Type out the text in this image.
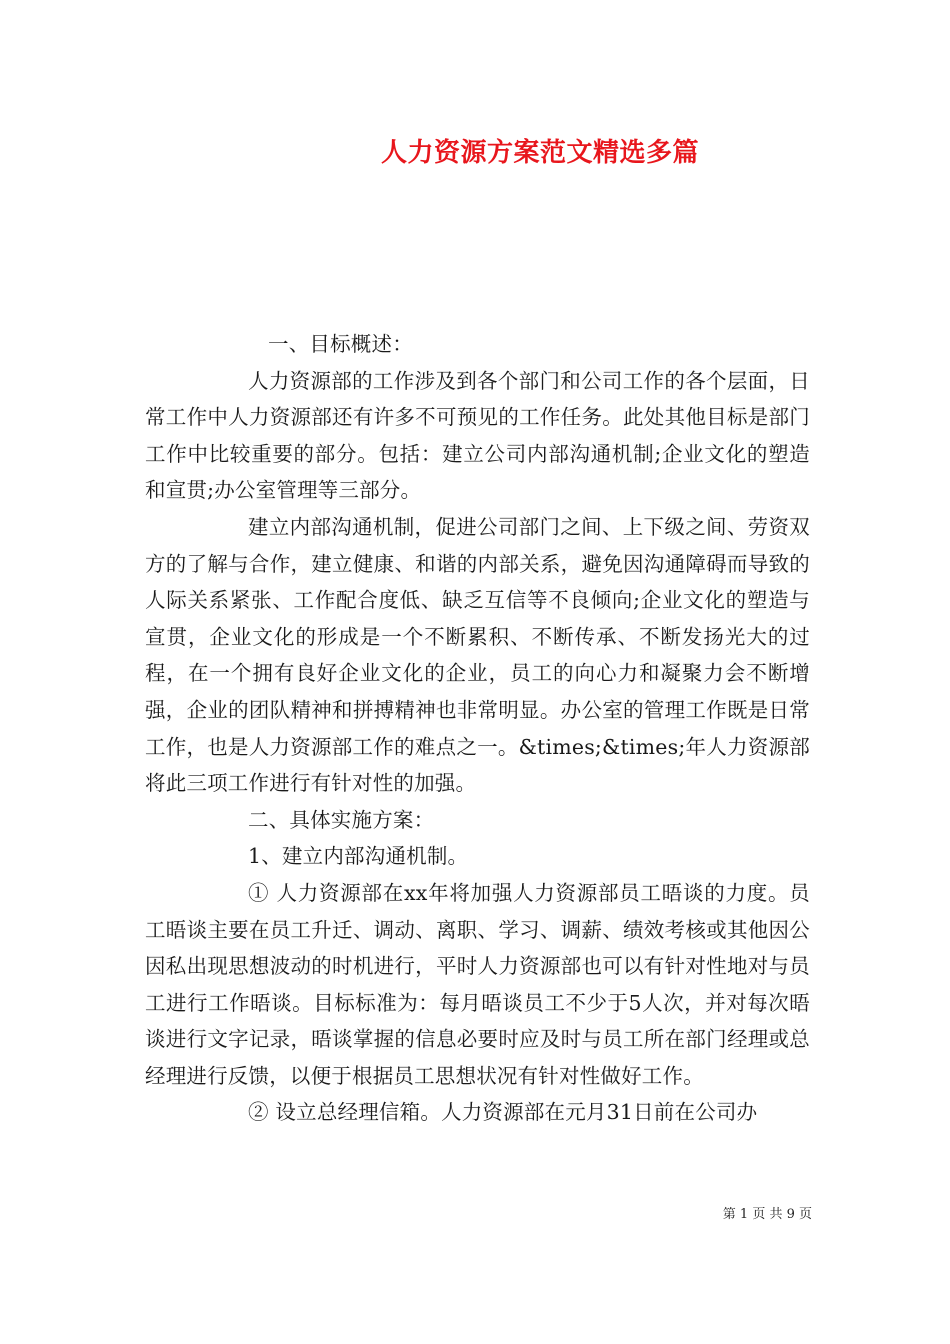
人力资源方案范文精选多篇

一、目标概述：

人力资源部的工作涉及到各个部门和公司工作的各个层面，日常工作中人力资源部还有许多不可预见的工作任务。此处其他目标是部门工作中比较重要的部分。包括：建立公司内部沟通机制;企业文化的塑造和宣贯;办公室管理等三部分。

建立内部沟通机制，促进公司部门之间、上下级之间、劳资双方的了解与合作，建立健康、和谐的内部关系，避免因沟通障碍而导致的人际关系紧张、工作配合度低、缺乏互信等不良倾向;企业文化的塑造与宣贯，企业文化的形成是一个不断累积、不断传承、不断发扬光大的过程，在一个拥有良好企业文化的企业，员工的向心力和凝聚力会不断增强，企业的团队精神和拼搏精神也非常明显。办公室的管理工作既是日常工作，也是人力资源部工作的难点之一。&times;&times;年人力资源部将此三项工作进行有针对性的加强。

二、具体实施方案：

1、建立内部沟通机制。

① 人力资源部在xx年将加强人力资源部员工晤谈的力度。员工晤谈主要在员工升迁、调动、离职、学习、调薪、绩效考核或其他因公因私出现思想波动的时机进行，平时人力资源部也可以有针对性地对与员工进行工作晤谈。目标标准为：每月晤谈员工不少于5人次，并对每次晤谈进行文字记录，晤谈掌握的信息必要时应及时与员工所在部门经理或总经理进行反馈，以便于根据员工思想状况有针对性做好工作。

② 设立总经理信箱。人力资源部在元月31日前在公司办

第 1 页 共 9 页
